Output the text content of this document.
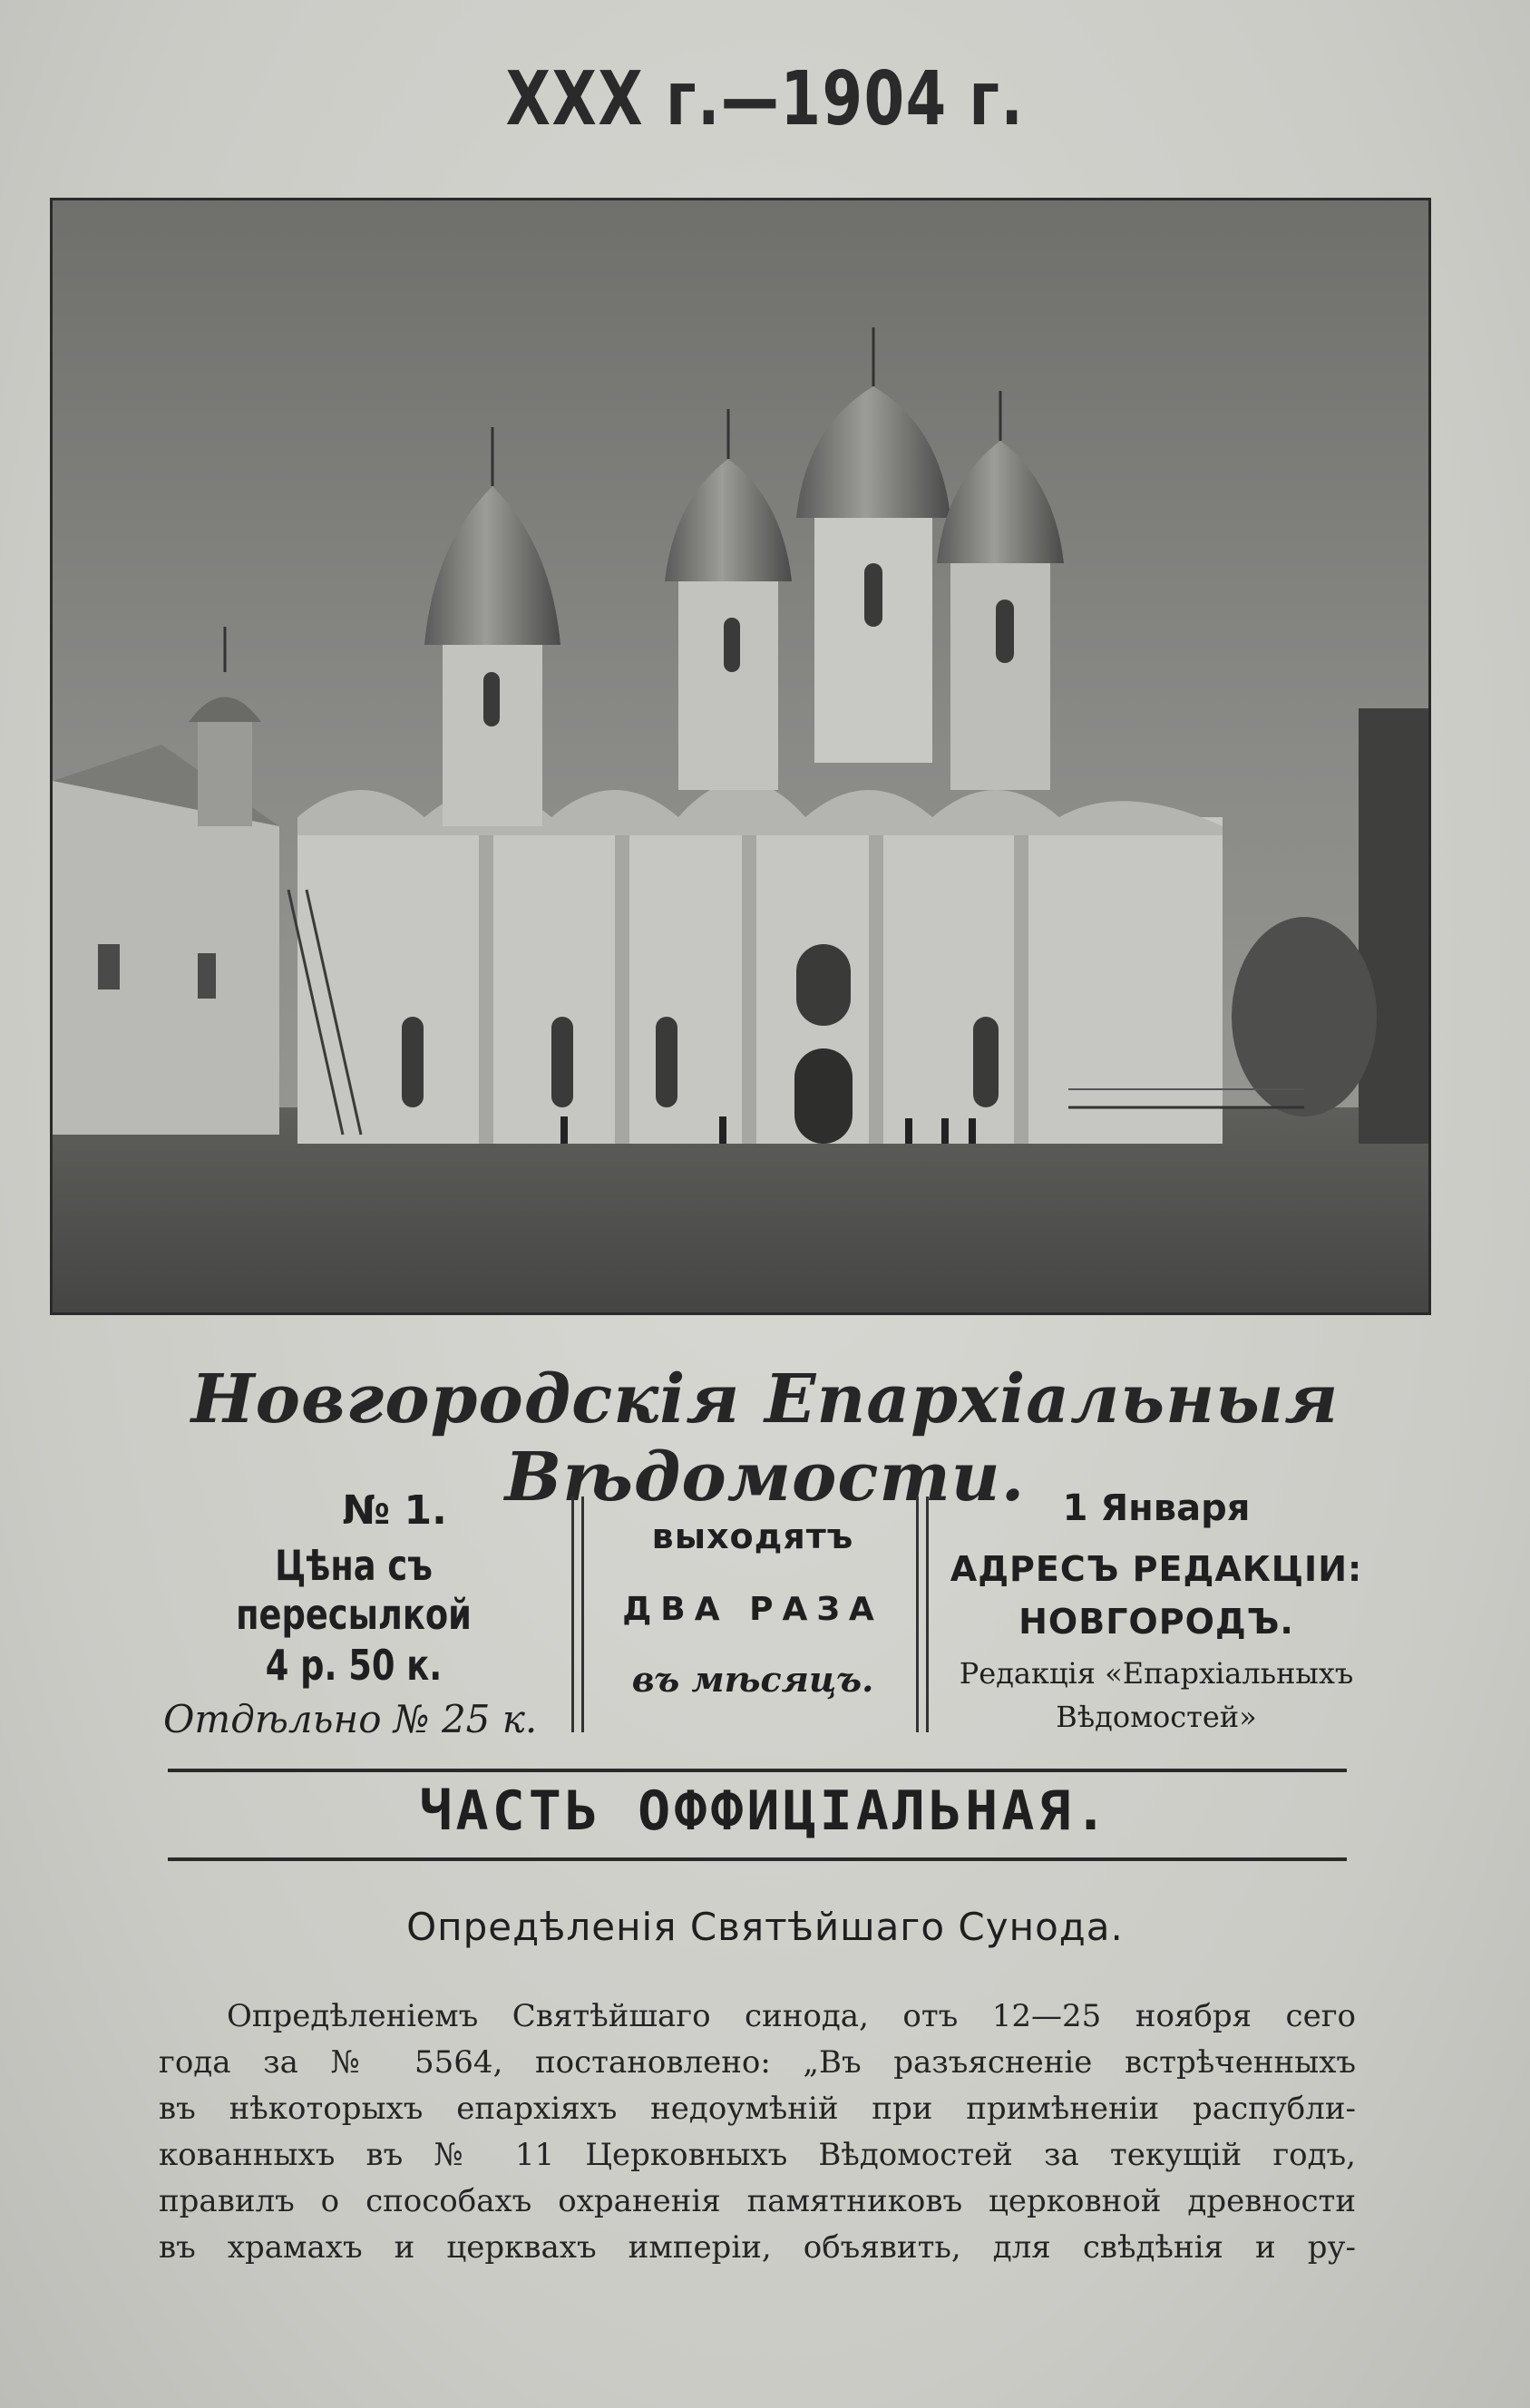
XXX г.—1904 г.
Новгородскія Епархіальныя Вѣдомости.
№ 1.
Цѣна съ пересылкой
4 р. 50 к.
Отдѣльно № 25 к.
выходятъ
ДВА РАЗА
въ мѣсяцъ.
1 Января
АДРЕСЪ РЕДАКЦІИ:
НОВГОРОДЪ.
Редакція «Епархіальныхъ
Вѣдомостей»
ЧАСТЬ ОФФИЦІАЛЬНАЯ.
Опредѣленія Святѣйшаго Сунода.
Опредѣленіемъ Святѣйшаго синода, отъ 12—25 ноября сего
года за № 5564, постановлено: „Въ разъясненіе встрѣченныхъ
въ нѣкоторыхъ епархіяхъ недоумѣній при примѣненіи распубли-
кованныхъ въ № 11 Церковныхъ Вѣдомостей за текущій годъ,
правилъ о способахъ охраненія памятниковъ церковной древности
въ храмахъ и церквахъ имперіи, объявить, для свѣдѣнія и ру-
